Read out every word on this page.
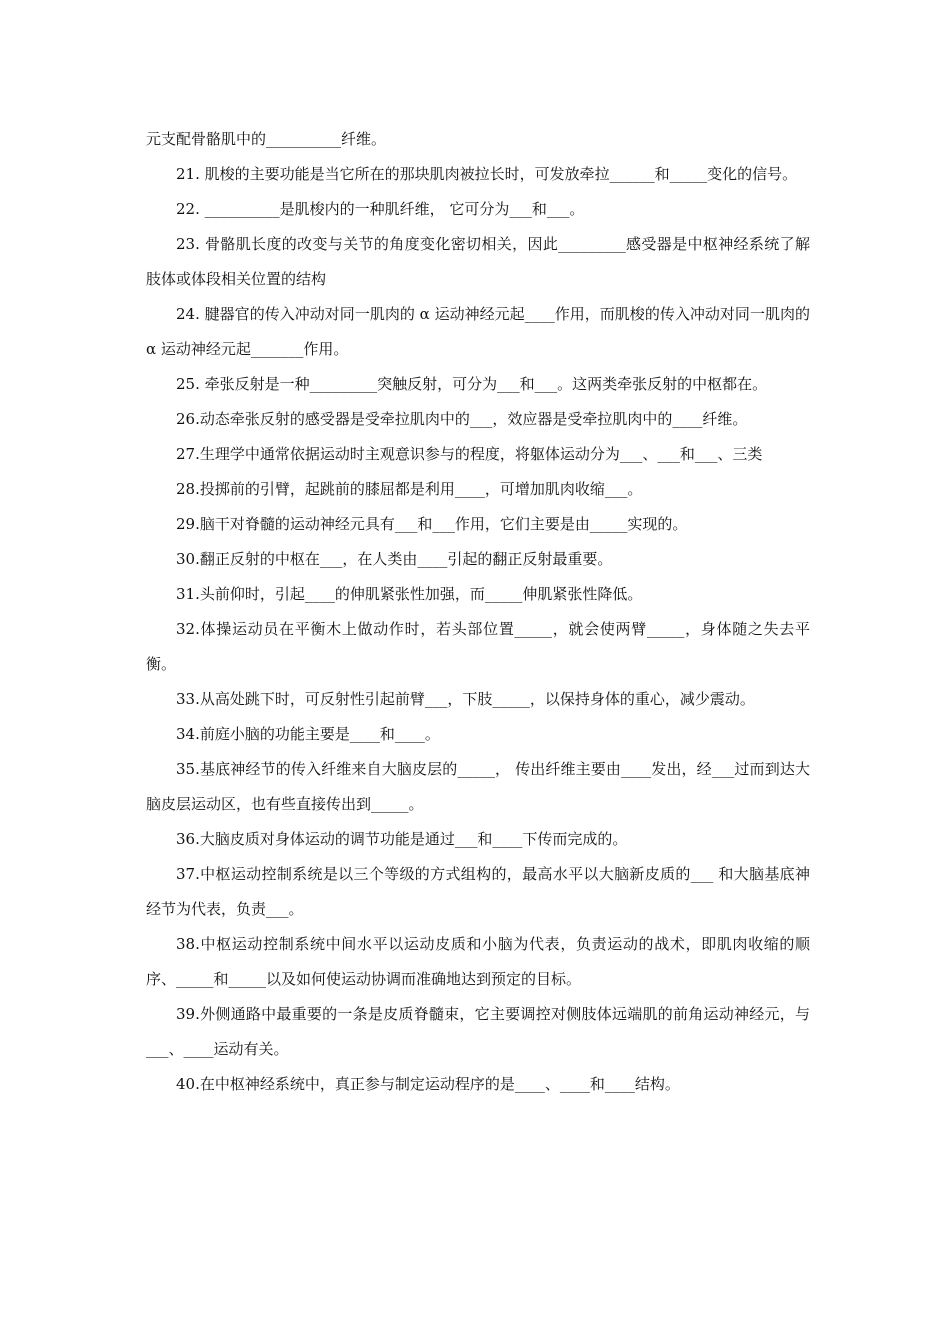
元支配骨骼肌中的__________纤维。

21. 肌梭的主要功能是当它所在的那块肌肉被拉长时，可发放牵拉______和_____变化的信号。

22. __________是肌梭内的一种肌纤维， 它可分为___和___。

23. 骨骼肌长度的改变与关节的角度变化密切相关，因此_________感受器是中枢神经系统了解肢体或体段相关位置的结构

24. 腱器官的传入冲动对同一肌肉的 α 运动神经元起____作用，而肌梭的传入冲动对同一肌肉的 α 运动神经元起_______作用。

25. 牵张反射是一种_________突触反射，可分为___和___。这两类牵张反射的中枢都在。

26.动态牵张反射的感受器是受牵拉肌肉中的___，效应器是受牵拉肌肉中的____纤维。

27.生理学中通常依据运动时主观意识参与的程度，将躯体运动分为___、___和___、三类

28.投掷前的引臂，起跳前的膝屈都是利用____，可增加肌肉收缩___。

29.脑干对脊髓的运动神经元具有___和___作用，它们主要是由_____实现的。

30.翻正反射的中枢在___，在人类由____引起的翻正反射最重要。

31.头前仰时，引起____的伸肌紧张性加强，而_____伸肌紧张性降低。

32.体操运动员在平衡木上做动作时，若头部位置_____，就会使两臂_____，身体随之失去平衡。

33.从高处跳下时，可反射性引起前臂___，下肢_____，以保持身体的重心，减少震动。

34.前庭小脑的功能主要是____和____。

35.基底神经节的传入纤维来自大脑皮层的_____， 传出纤维主要由____发出，经___过而到达大脑皮层运动区，也有些直接传出到_____。

36.大脑皮质对身体运动的调节功能是通过___和____下传而完成的。

37.中枢运动控制系统是以三个等级的方式组构的，最高水平以大脑新皮质的___ 和大脑基底神经节为代表，负责___。

38.中枢运动控制系统中间水平以运动皮质和小脑为代表，负责运动的战术，即肌肉收缩的顺序、_____和_____以及如何使运动协调而准确地达到预定的目标。

39.外侧通路中最重要的一条是皮质脊髓束，它主要调控对侧肢体远端肌的前角运动神经元，与___、____运动有关。

40.在中枢神经系统中，真正参与制定运动程序的是____、____和____结构。
